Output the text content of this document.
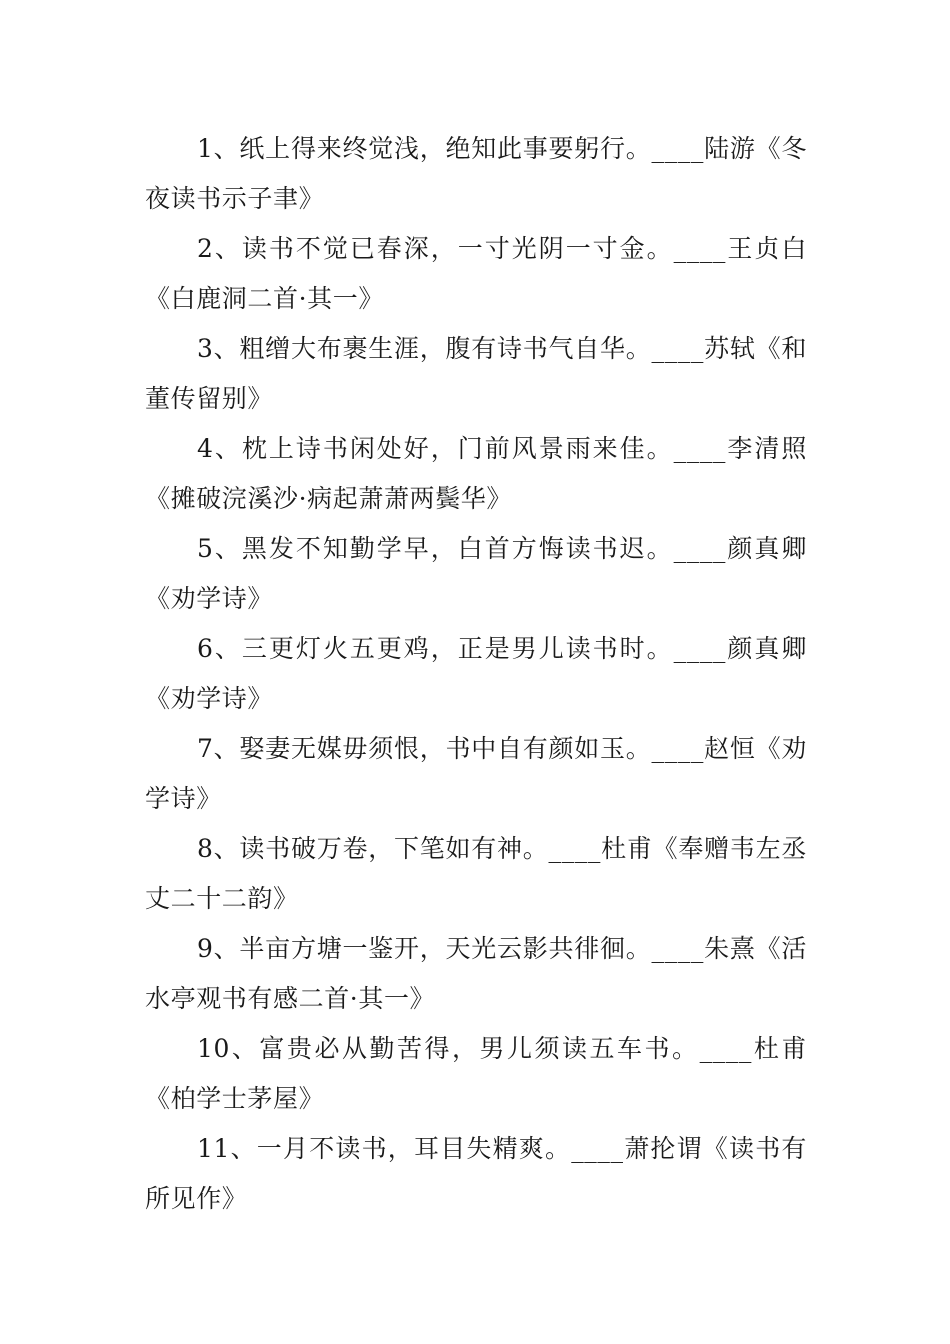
1、纸上得来终觉浅，绝知此事要躬行。____陆游《冬夜读书示子聿》

2、读书不觉已春深，一寸光阴一寸金。____王贞白《白鹿洞二首·其一》

3、粗缯大布裹生涯，腹有诗书气自华。____苏轼《和董传留别》

4、枕上诗书闲处好，门前风景雨来佳。____李清照《摊破浣溪沙·病起萧萧两鬓华》

5、黑发不知勤学早，白首方悔读书迟。____颜真卿《劝学诗》

6、三更灯火五更鸡，正是男儿读书时。____颜真卿《劝学诗》

7、娶妻无媒毋须恨，书中自有颜如玉。____赵恒《劝学诗》

8、读书破万卷，下笔如有神。____杜甫《奉赠韦左丞丈二十二韵》

9、半亩方塘一鉴开，天光云影共徘徊。____朱熹《活水亭观书有感二首·其一》

10、富贵必从勤苦得，男儿须读五车书。____杜甫《柏学士茅屋》

11、一月不读书，耳目失精爽。____萧抡谓《读书有所见作》
